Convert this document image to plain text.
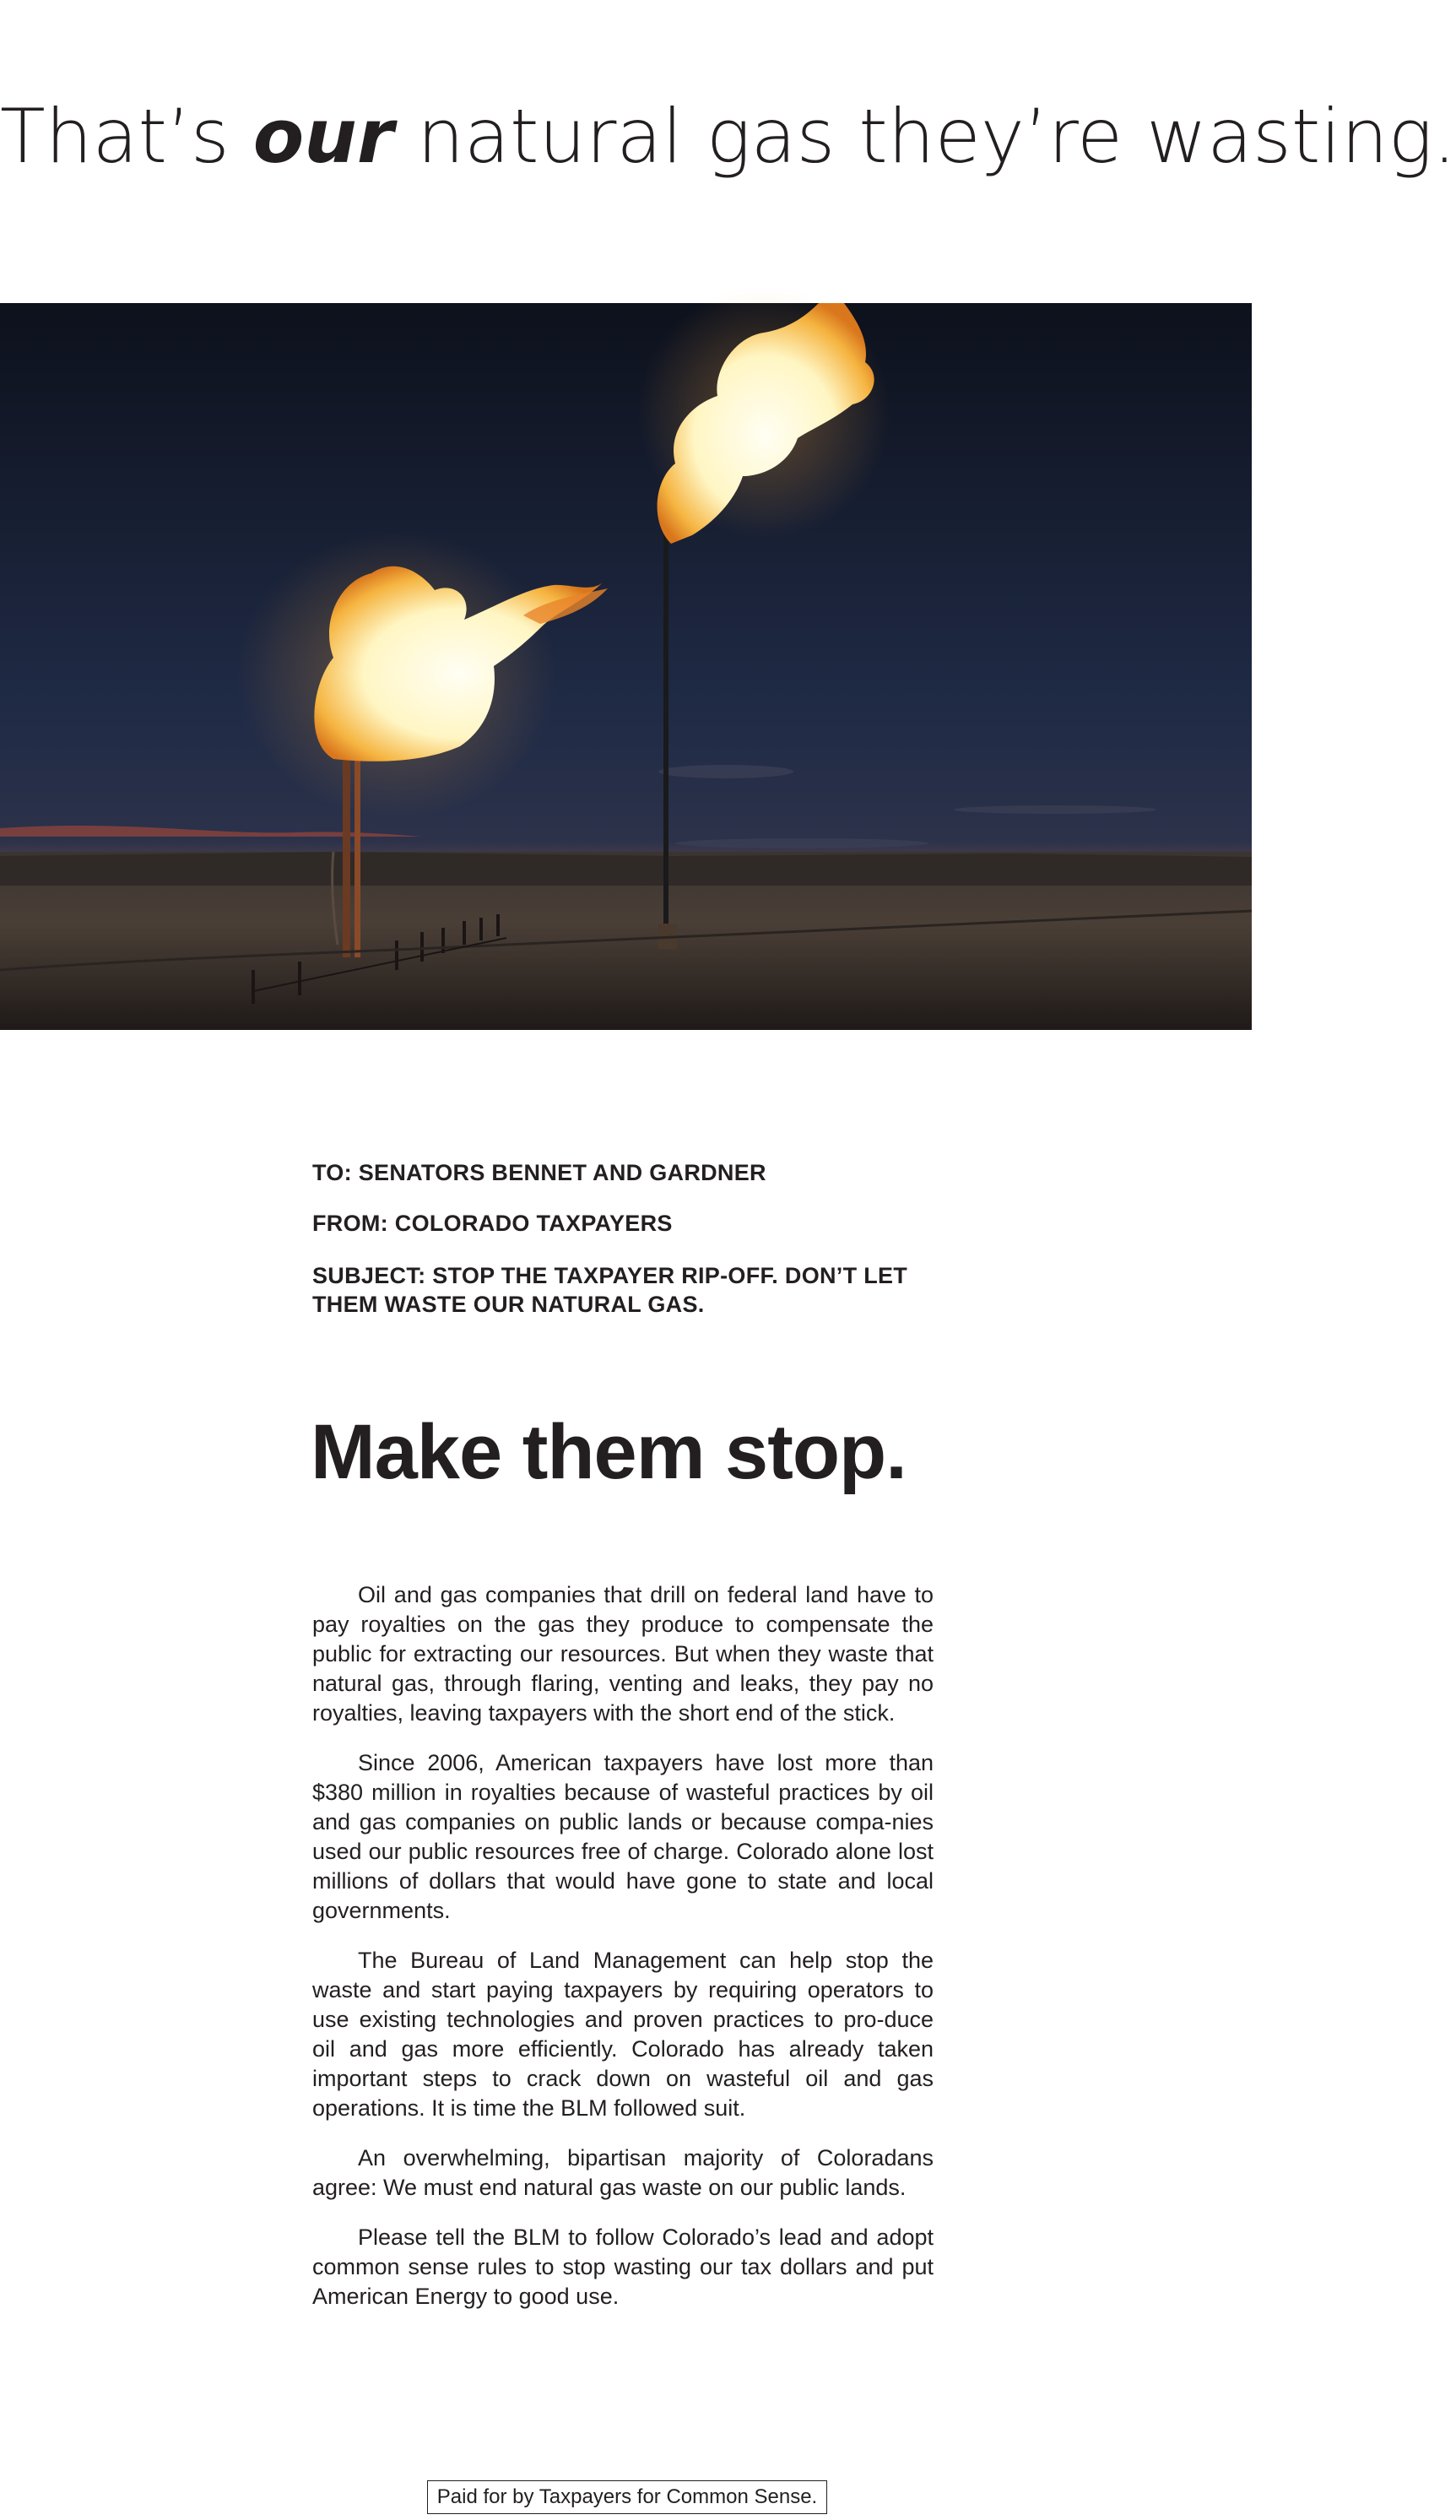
That’s our natural gas they’re wasting.
TO: SENATORS BENNET AND GARDNER
FROM: COLORADO TAXPAYERS
SUBJECT: STOP THE TAXPAYER RIP-OFF. DON’T LET THEM WASTE OUR NATURAL GAS.
Make them stop.

Oil and gas companies that drill on federal land have to pay royalties on the gas they produce to compensate the public for extracting our resources. But when they waste that natural gas, through flaring, venting and leaks, they pay no royalties, leaving taxpayers with the short end of the stick.

Since 2006, American taxpayers have lost more than $380 million in royalties because of wasteful practices by oil and gas companies on public lands or because compa-nies used our public resources free of charge. Colorado alone lost millions of dollars that would have gone to state and local governments.

The Bureau of Land Management can help stop the waste and start paying taxpayers by requiring operators to use existing technologies and proven practices to pro-duce oil and gas more efficiently. Colorado has already taken important steps to crack down on wasteful oil and gas operations. It is time the BLM followed suit.

An overwhelming, bipartisan majority of Coloradans agree: We must end natural gas waste on our public lands.

Please tell the BLM to follow Colorado’s lead and adopt common sense rules to stop wasting our tax dollars and put American Energy to good use.

Paid for by Taxpayers for Common Sense.
